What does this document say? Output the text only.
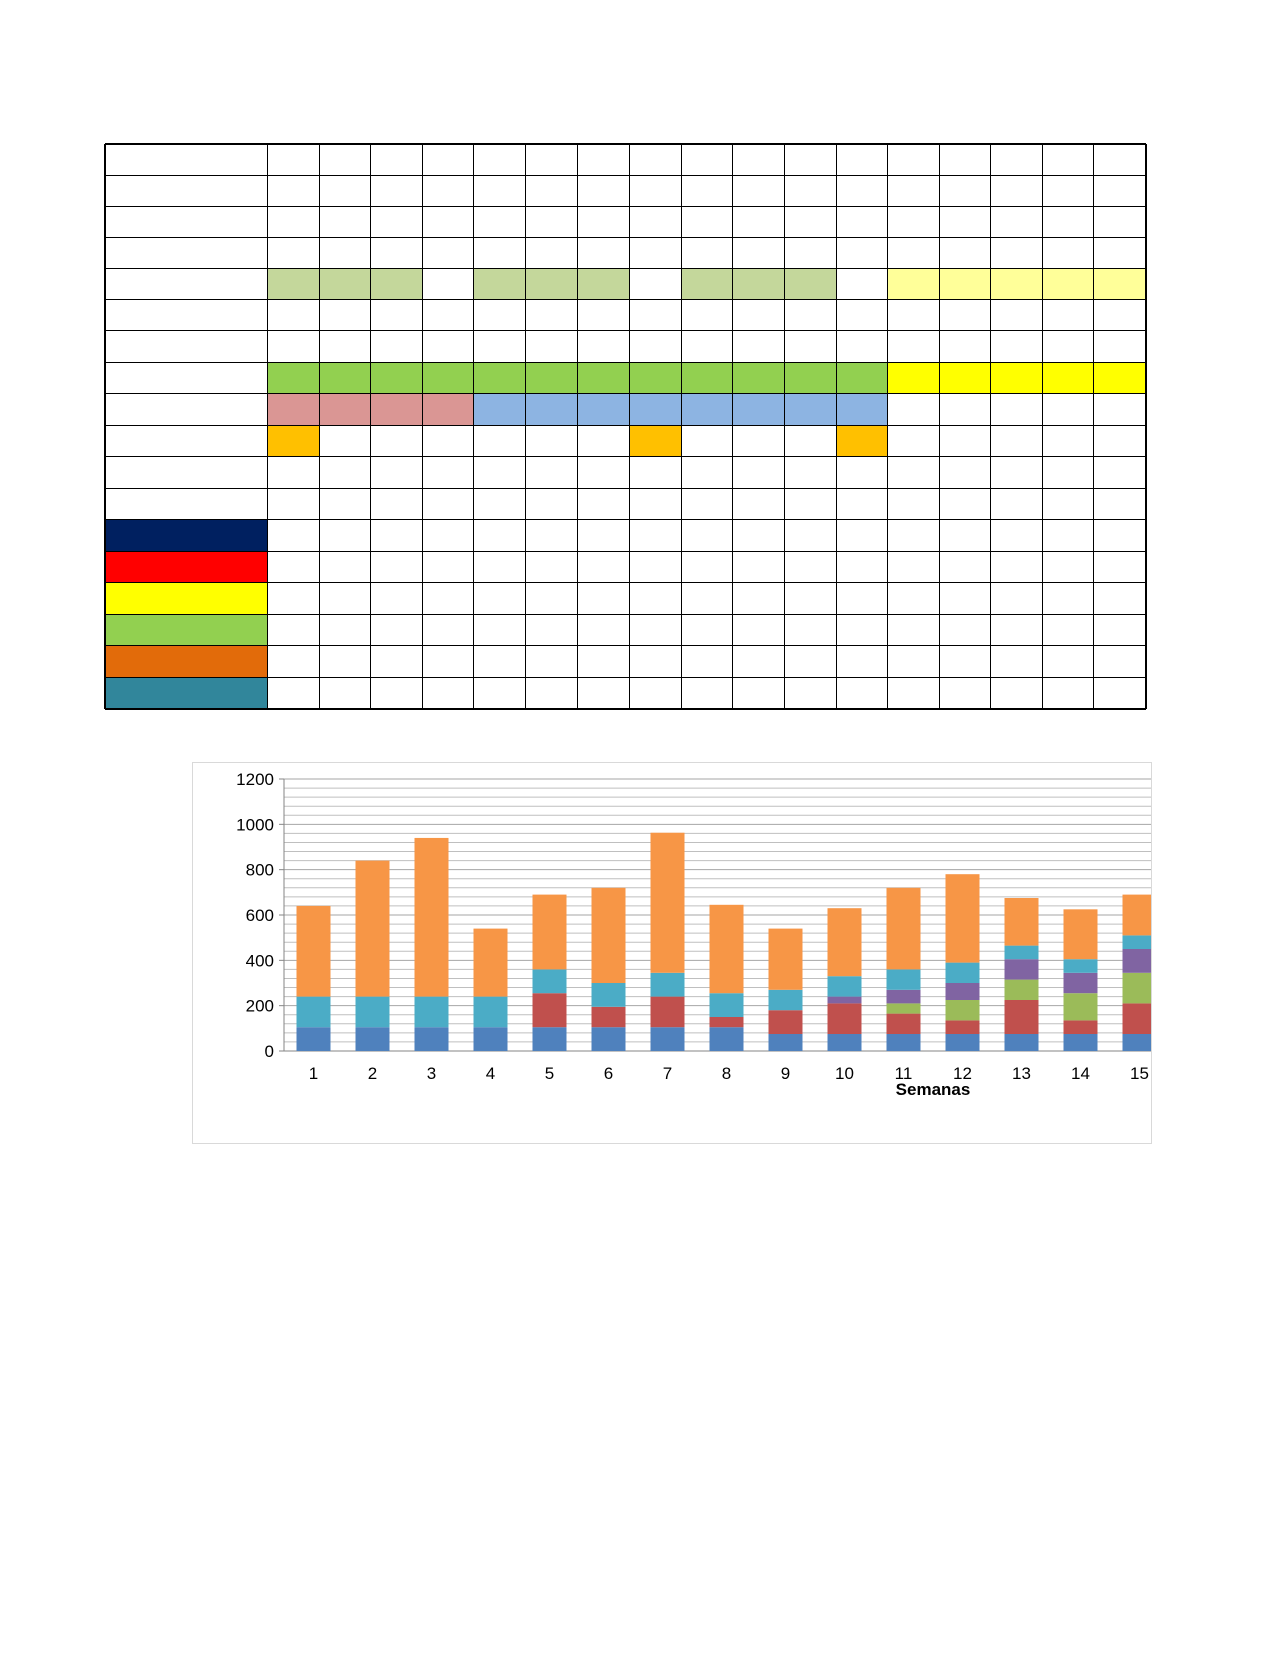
0
200
400
600
800
1000
1200
1	2	3	4	5	6	7	8	9	10 11 12 13 14 15
Semanas
